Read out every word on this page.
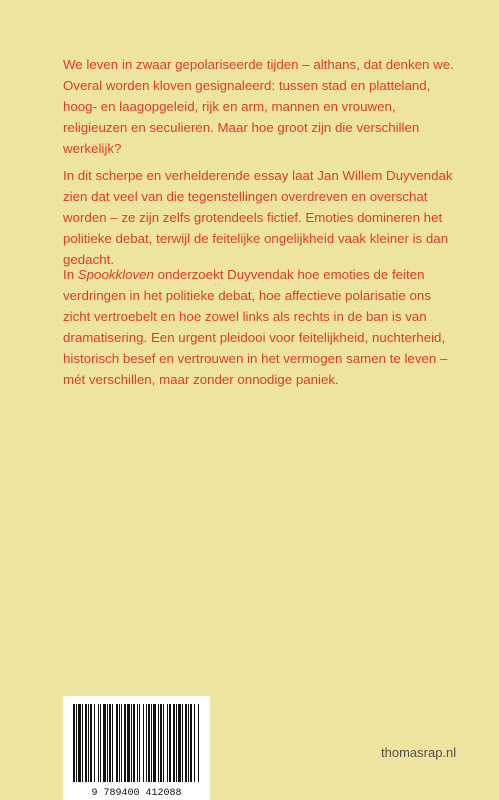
We leven in zwaar gepolariseerde tijden – althans, dat denken we. Overal worden kloven gesignaleerd: tussen stad en platteland, hoog- en laagopgeleid, rijk en arm, mannen en vrouwen, religieuzen en seculieren. Maar hoe groot zijn die verschillen werkelijk?

In dit scherpe en verhelderende essay laat Jan Willem Duyvendak zien dat veel van die tegenstellingen overdreven en overschat worden – ze zijn zelfs grotendeels fictief. Emoties domineren het politieke debat, terwijl de feitelijke ongelijkheid vaak kleiner is dan gedacht.

In Spookkloven onderzoekt Duyvendak hoe emoties de feiten verdringen in het politieke debat, hoe affectieve polarisatie ons zicht vertroebelt en hoe zowel links als rechts in de ban is van dramatisering. Een urgent pleidooi voor feitelijkheid, nuchterheid, historisch besef en vertrouwen in het vermogen samen te leven – mét verschillen, maar zonder onnodige paniek.

9 789400 412088
thomasrap.nl
